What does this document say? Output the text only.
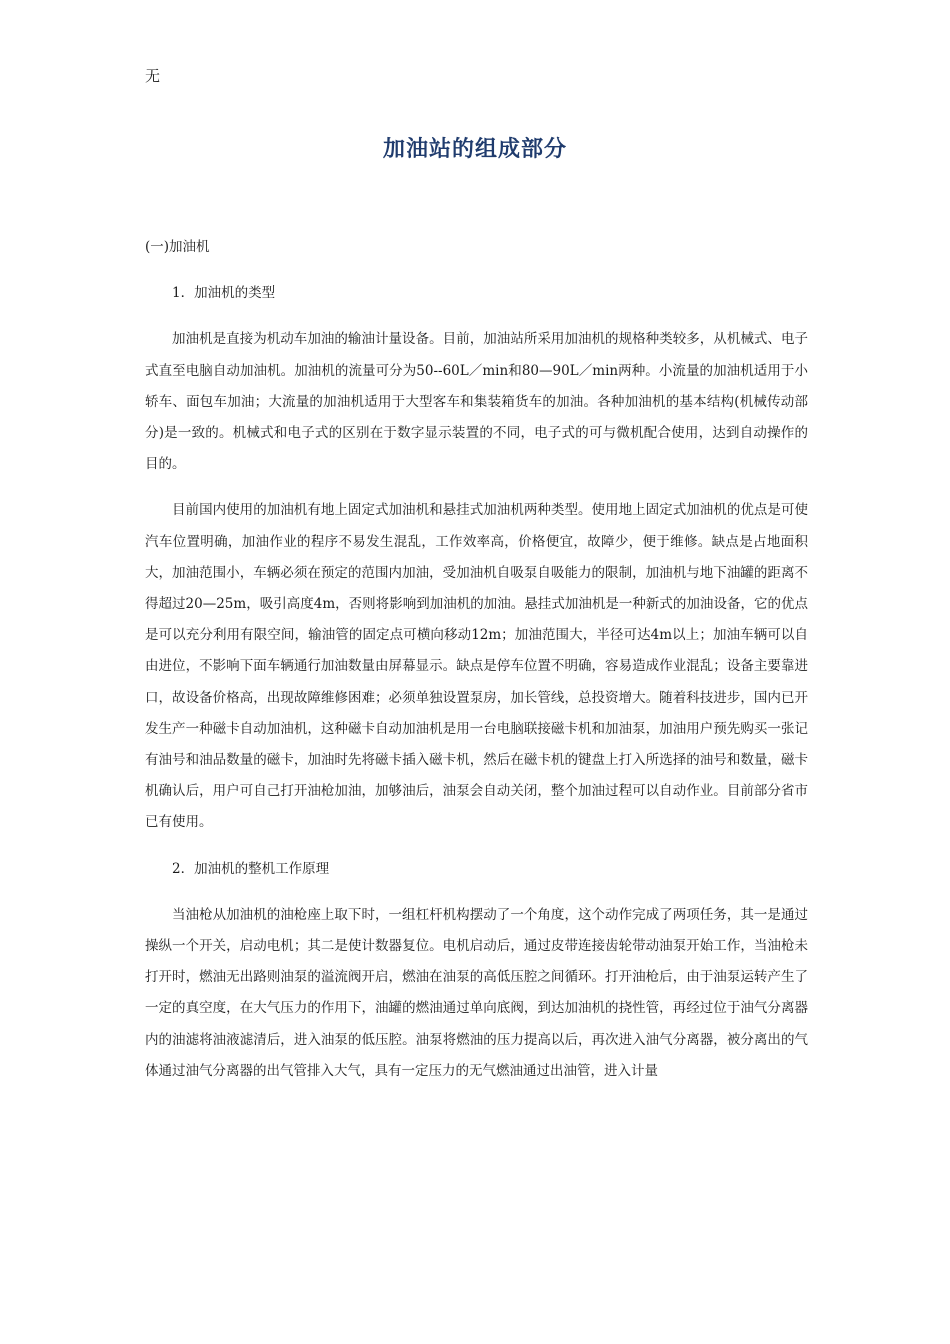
无
加油站的组成部分

(一)加油机

1．加油机的类型

加油机是直接为机动车加油的输油计量设备。目前，加油站所采用加油机的规格种类较多，从机械式、电子式直至电脑自动加油机。加油机的流量可分为50--60L／min和80—90L／min两种。小流量的加油机适用于小轿车、面包车加油；大流量的加油机适用于大型客车和集装箱货车的加油。各种加油机的基本结构(机械传动部分)是一致的。机械式和电子式的区别在于数字显示装置的不同，电子式的可与微机配合使用，达到自动操作的目的。

目前国内使用的加油机有地上固定式加油机和悬挂式加油机两种类型。使用地上固定式加油机的优点是可使汽车位置明确，加油作业的程序不易发生混乱，工作效率高，价格便宜，故障少，便于维修。缺点是占地面积大，加油范围小，车辆必须在预定的范围内加油，受加油机自吸泵自吸能力的限制，加油机与地下油罐的距离不得超过20—25m，吸引高度4m，否则将影响到加油机的加油。悬挂式加油机是一种新式的加油设备，它的优点是可以充分利用有限空间，输油管的固定点可横向移动12m；加油范围大，半径可达4m以上；加油车辆可以自由进位，不影响下面车辆通行加油数量由屏幕显示。缺点是停车位置不明确，容易造成作业混乱；设备主要靠进口，故设备价格高，出现故障维修困难；必须单独设置泵房，加长管线，总投资增大。随着科技进步，国内已开发生产一种磁卡自动加油机，这种磁卡自动加油机是用一台电脑联接磁卡机和加油泵，加油用户预先购买一张记有油号和油品数量的磁卡，加油时先将磁卡插入磁卡机，然后在磁卡机的键盘上打入所选择的油号和数量，磁卡机确认后，用户可自己打开油枪加油，加够油后，油泵会自动关闭，整个加油过程可以自动作业。目前部分省市已有使用。

2．加油机的整机工作原理

当油枪从加油机的油枪座上取下时，一组杠杆机构摆动了一个角度，这个动作完成了两项任务，其一是通过操纵一个开关，启动电机；其二是使计数器复位。电机启动后，通过皮带连接齿轮带动油泵开始工作，当油枪未打开时，燃油无出路则油泵的溢流阀开启，燃油在油泵的高低压腔之间循环。打开油枪后，由于油泵运转产生了一定的真空度，在大气压力的作用下，油罐的燃油通过单向底阀，到达加油机的挠性管，再经过位于油气分离器内的油滤将油液滤清后，进入油泵的低压腔。油泵将燃油的压力提高以后，再次进入油气分离器，被分离出的气体通过油气分离器的出气管排入大气，具有一定压力的无气燃油通过出油管，进入计量
